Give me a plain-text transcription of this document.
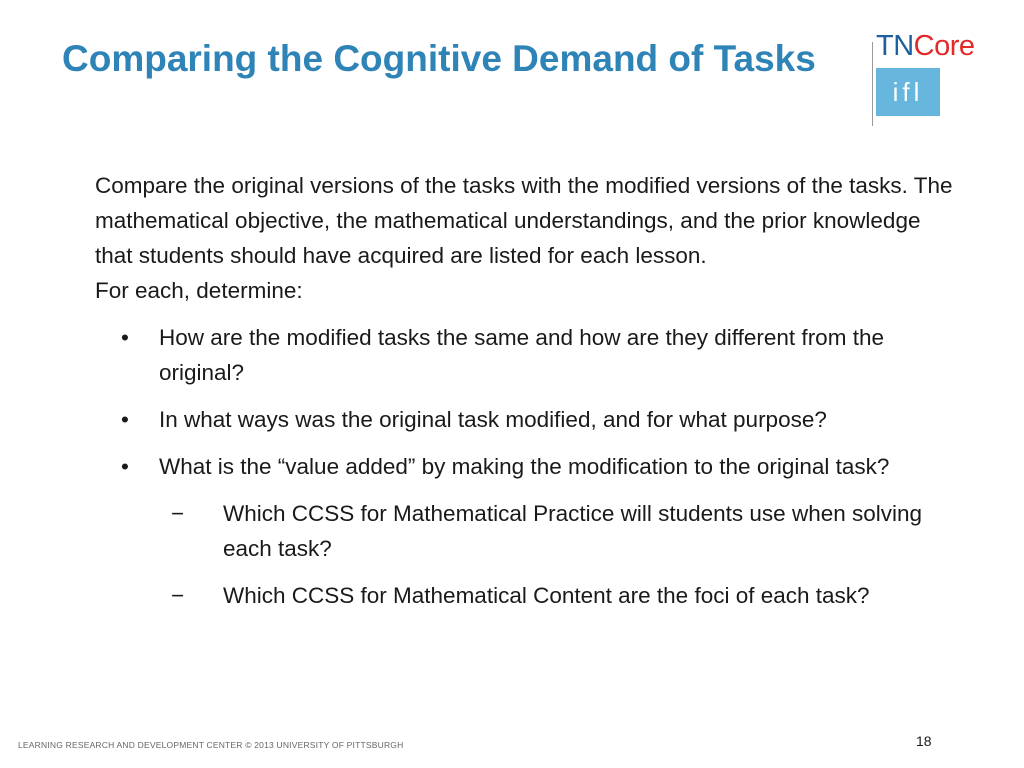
Comparing the Cognitive Demand of Tasks	TNCore
ifl

Compare the original versions of the tasks with the modified versions of the tasks. The mathematical objective, the mathematical understandings, and the prior knowledge that students should have acquired are listed for each lesson.

For each, determine:

• How are the modified tasks the same and how are they different from the original?
• In what ways was the original task modified, and for what purpose?
• What is the “value added” by making the modification to the original task?
− Which CCSS for Mathematical Practice will students use when solving each task?
− Which CCSS for Mathematical Content are the foci of each task?
LEARNING RESEARCH AND DEVELOPMENT CENTER © 2013 UNIVERSITY OF PITTSBURGH	18
